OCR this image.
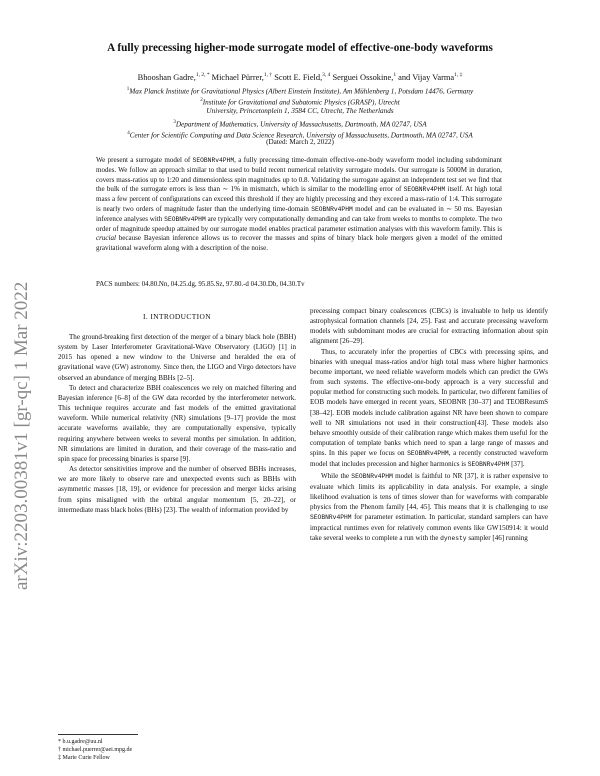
arXiv:2203.00381v1 [gr-qc] 1 Mar 2022
A fully precessing higher-mode surrogate model of effective-one-body waveforms
Bhooshan Gadre,$^{1, 2, *}$ Michael Pürrer,$^{1, \dagger}$ Scott E. Field,$^{3, 4}$ Serguei Ossokine,$^1$ and Vijay Varma$^{1, \ddagger}$
$^1$Max Planck Institute for Gravitational Physics (Albert Einstein Institute), Am Mühlenberg 1, Potsdam 14476, Germany
$^2$Institute for Gravitational and Subatomic Physics (GRASP), Utrecht
University, Princetonplein 1, 3584 CC, Utrecht, The Netherlands
$^3$Department of Mathematics, University of Massachusetts, Dartmouth, MA 02747, USA
$^4$Center for Scientific Computing and Data Science Research, University of Massachusetts, Dartmouth, MA 02747, USA
(Dated: March 2, 2022)
We present a surrogate model of SEOBNRv4PHM, a fully precessing time-domain effective-one-body waveform model including subdominant modes. We follow an approach similar to that used to build recent numerical relativity surrogate models. Our surrogate is 5000M in duration, covers mass-ratios up to 1:20 and dimensionless spin magnitudes up to 0.8. Validating the surrogate against an independent test set we find that the bulk of the surrogate errors is less than ∼ 1% in mismatch, which is similar to the modelling error of SEOBNRv4PHM itself. At high total mass a few percent of configurations can exceed this threshold if they are highly precessing and they exceed a mass-ratio of 1:4. This surrogate is nearly two orders of magnitude faster than the underlying time-domain SEOBNRv4PHM model and can be evaluated in ∼ 50 ms. Bayesian inference analyses with SEOBNRv4PHM are typically very computationally demanding and can take from weeks to months to complete. The two order of magnitude speedup attained by our surrogate model enables practical parameter estimation analyses with this waveform family. This is crucial because Bayesian inference allows us to recover the masses and spins of binary black hole mergers given a model of the emitted gravitational waveform along with a description of the noise.
PACS numbers: 04.80.Nn, 04.25.dg, 95.85.Sz, 97.80.-d 04.30.Db, 04.30.Tv
I. INTRODUCTION

The ground-breaking first detection of the merger of a binary black hole (BBH) system by Laser Interferometer Gravitational-Wave Observatory (LIGO) [1] in 2015 has opened a new window to the Universe and heralded the era of gravitational wave (GW) astronomy. Since then, the LIGO and Virgo detectors have observed an abundance of merging BBHs [2–5].

To detect and characterize BBH coalescences we rely on matched filtering and Bayesian inference [6–8] of the GW data recorded by the interferometer network. This technique requires accurate and fast models of the emitted gravitational waveform. While numerical relativity (NR) simulations [9–17] provide the most accurate waveforms available, they are computationally expensive, typically requiring anywhere between weeks to several months per simulation. In addition, NR simulations are limited in duration, and their coverage of the mass-ratio and spin space for precessing binaries is sparse [9].

As detector sensitivities improve and the number of observed BBHs increases, we are more likely to observe rare and unexpected events such as BBHs with asymmetric masses [18, 19], or evidence for precession and merger kicks arising from spins misaligned with the orbital angular momentum [5, 20–22], or intermediate mass black holes (BHs) [23]. The wealth of information provided by

precessing compact binary coalescences (CBCs) is invaluable to help us identify astrophysical formation channels [24, 25]. Fast and accurate precessing waveform models with subdominant modes are crucial for extracting information about spin alignment [26–29].

Thus, to accurately infer the properties of CBCs with precessing spins, and binaries with unequal mass-ratios and/or high total mass where higher harmonics become important, we need reliable waveform models which can predict the GWs from such systems. The effective-one-body approach is a very successful and popular method for constructing such models. In particular, two different families of EOB models have emerged in recent years, SEOBNR [30–37] and TEOBResumS [38–42]. EOB models include calibration against NR have been shown to compare well to NR simulations not used in their construction[43]. These models also behave smoothly outside of their calibration range which makes them useful for the computation of template banks which need to span a large range of masses and spins. In this paper we focus on SEOBNRv4PHM, a recently constructed waveform model that includes precession and higher harmonics is SEOBNRv4PHM [37].

While the SEOBNRv4PHM model is faithful to NR [37], it is rather expensive to evaluate which limits its applicability in data analysis. For example, a single likelihood evaluation is tens of times slower than for waveforms with comparable physics from the Phenom family [44, 45]. This means that it is challenging to use SEOBNRv4PHM for parameter estimation. In particular, standard samplers can have impractical runtimes even for relatively common events like GW150914: it would take several weeks to complete a run with the dynesty sampler [46] running

* b.u.gadre@uu.nl
† michael.puerrer@aei.mpg.de
‡ Marie Curie Fellow
